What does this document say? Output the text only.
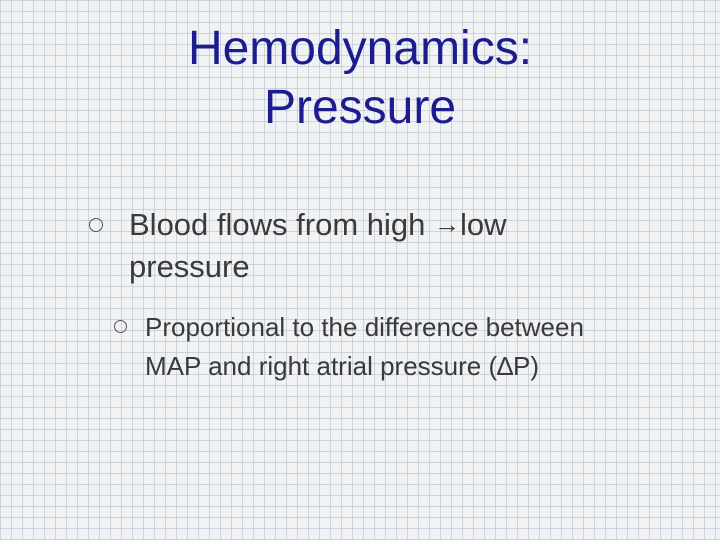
Hemodynamics:
Pressure
Blood flows from high →low pressure
Proportional to the difference between MAP and right atrial pressure (∆P)
